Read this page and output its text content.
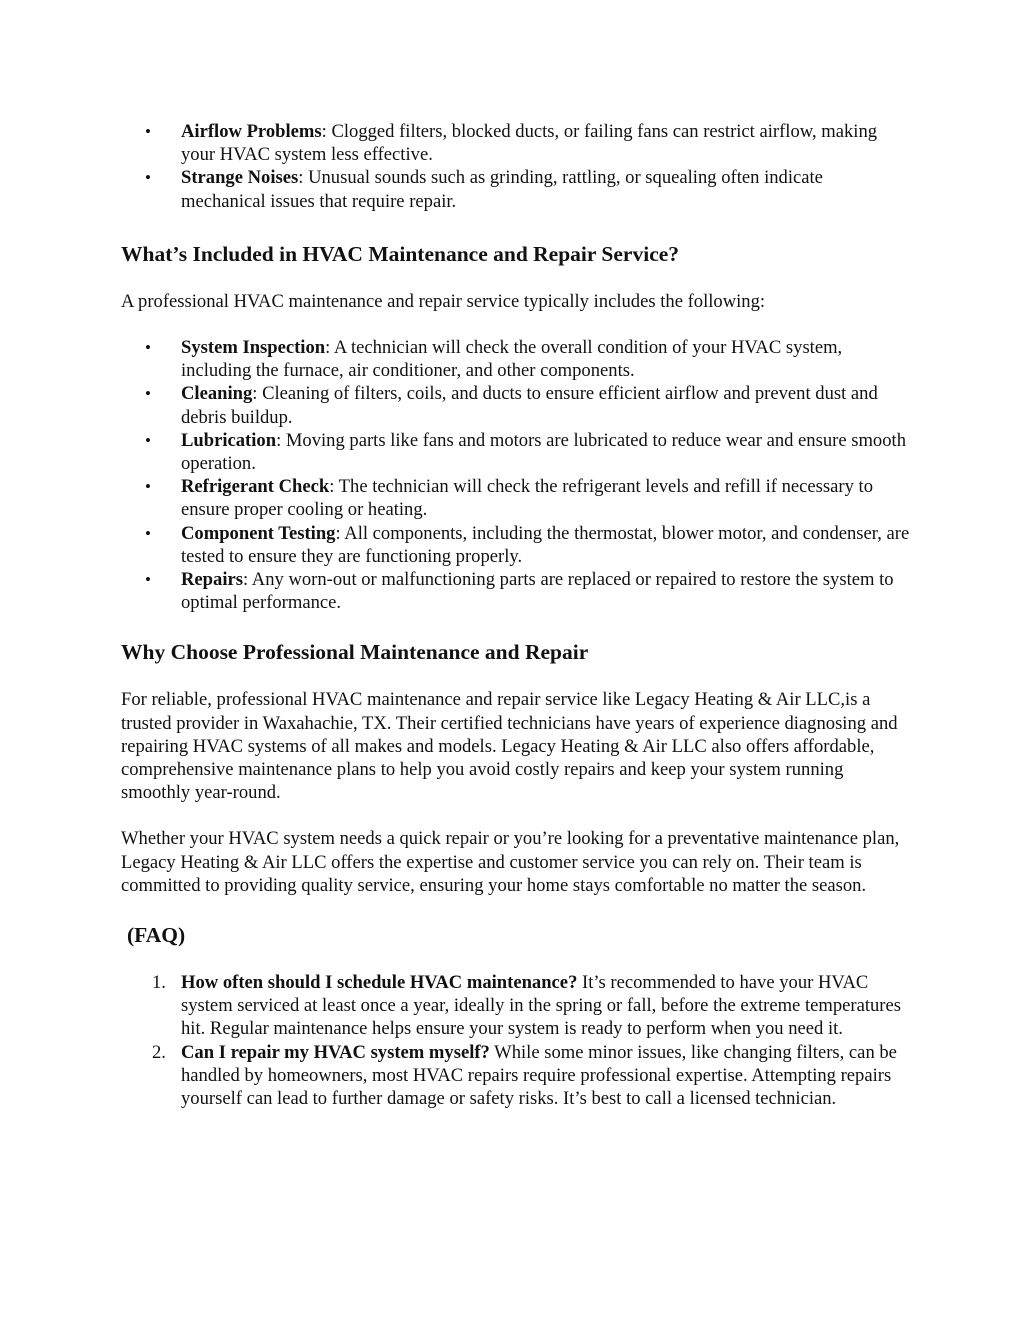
• Airflow Problems: Clogged filters, blocked ducts, or failing fans can restrict airflow, making your HVAC system less effective.
• Strange Noises: Unusual sounds such as grinding, rattling, or squealing often indicate mechanical issues that require repair.
What’s Included in HVAC Maintenance and Repair Service?

A professional HVAC maintenance and repair service typically includes the following:

• System Inspection: A technician will check the overall condition of your HVAC system, including the furnace, air conditioner, and other components.
• Cleaning: Cleaning of filters, coils, and ducts to ensure efficient airflow and prevent dust and debris buildup.
• Lubrication: Moving parts like fans and motors are lubricated to reduce wear and ensure smooth operation.
• Refrigerant Check: The technician will check the refrigerant levels and refill if necessary to ensure proper cooling or heating.
• Component Testing: All components, including the thermostat, blower motor, and condenser, are tested to ensure they are functioning properly.
• Repairs: Any worn-out or malfunctioning parts are replaced or repaired to restore the system to optimal performance.
Why Choose Professional Maintenance and Repair

For reliable, professional HVAC maintenance and repair service like Legacy Heating & Air LLC,is a trusted provider in Waxahachie, TX. Their certified technicians have years of experience diagnosing and repairing HVAC systems of all makes and models. Legacy Heating & Air LLC also offers affordable, comprehensive maintenance plans to help you avoid costly repairs and keep your system running smoothly year-round.

Whether your HVAC system needs a quick repair or you’re looking for a preventative maintenance plan, Legacy Heating & Air LLC offers the expertise and customer service you can rely on. Their team is committed to providing quality service, ensuring your home stays comfortable no matter the season.

(FAQ)
1. How often should I schedule HVAC maintenance? It’s recommended to have your HVAC system serviced at least once a year, ideally in the spring or fall, before the extreme temperatures hit. Regular maintenance helps ensure your system is ready to perform when you need it.
2. Can I repair my HVAC system myself? While some minor issues, like changing filters, can be handled by homeowners, most HVAC repairs require professional expertise. Attempting repairs yourself can lead to further damage or safety risks. It’s best to call a licensed technician.
